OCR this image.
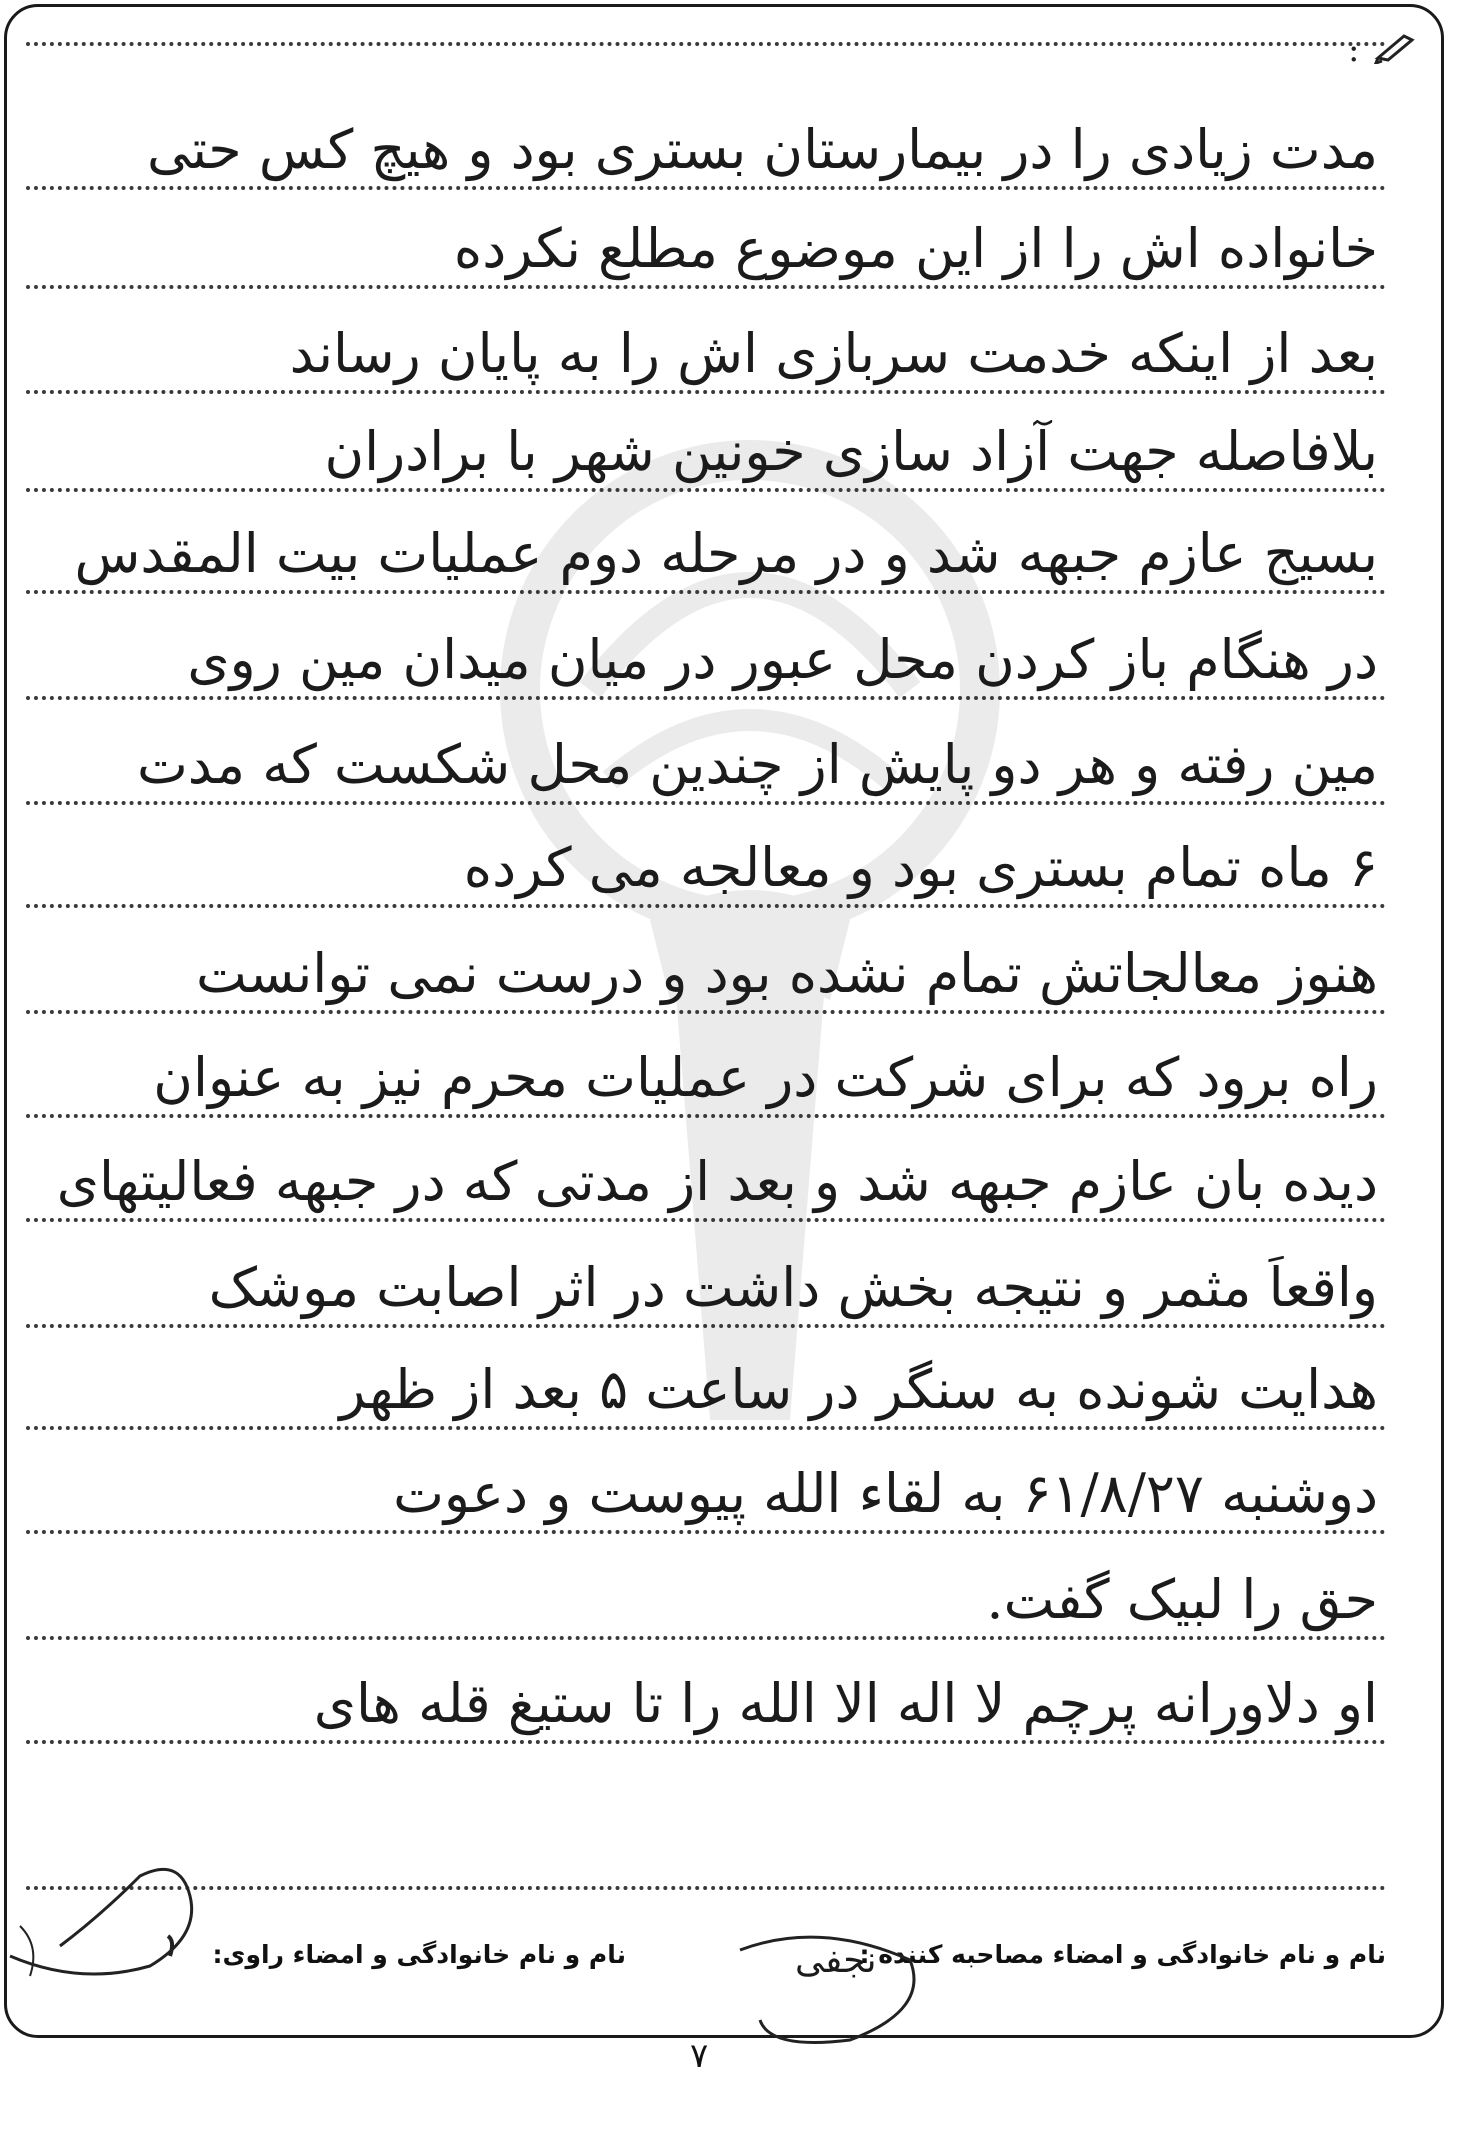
:
مدت زیادی را در بیمارستان بستری بود و هیچ کس حتی
خانواده اش را از این موضوع مطلع نکرده
بعد از اینکه خدمت سربازی اش را به پایان رساند
بلافاصله جهت آزاد سازی خونین شهر با برادران
بسیج عازم جبهه شد و در مرحله دوم عملیات بیت المقدس
در هنگام باز کردن محل عبور در میان میدان مین روی
مین رفته و هر دو پایش از چندین محل شکست که مدت
۶ ماه تمام بستری بود و معالجه می کرده
هنوز معالجاتش تمام نشده بود و درست نمی توانست
راه برود که برای شرکت در عملیات محرم نیز به عنوان
دیده بان عازم جبهه شد و بعد از مدتی که در جبهه فعالیتهای
واقعاً مثمر و نتیجه بخش داشت در اثر اصابت موشک
هدایت شونده به سنگر در ساعت ۵ بعد از ظهر
دوشنبه ۶۱/۸/۲۷ به لقاء الله پیوست و دعوت
حق را لبیک گفت.
او دلاورانه پرچم لا اله الا الله را تا ستیغ قله های
نام و نام خانوادگی و امضاء مصاحبه کننده :
نام و نام خانوادگی و امضاء راوی:	نجفی
۷
